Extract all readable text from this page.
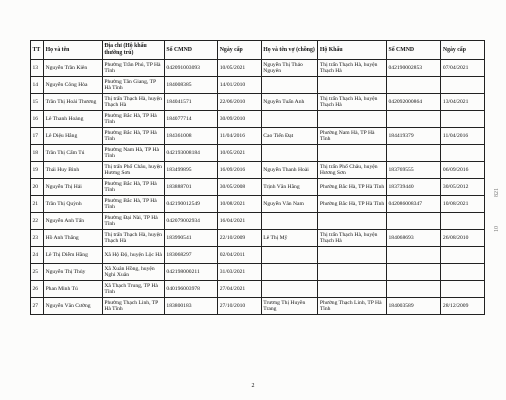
TT	Họ và tên	Địa chỉ (Hộ khẩu thường trú)	Số CMND	Ngày cấp	Họ và tên vợ (chồng)	Hộ Khẩu	Số CMND	Ngày cấp
13	Nguyễn Trần Kiên	Phường Trần Phú, TP Hà Tĩnh	042091003093	10/05/2021	Nguyễn Thị Thảo Nguyên	Thị trấn Thạch Hà, huyện Thạch Hà	042190002853	07/04/2021
14	Nguyễn Công Hòa	Phường Tân Giang, TP Hà Tĩnh	184008385	14/01/2010				
15	Trần Thị Hoài Thương	Thị trấn Thạch Hà, huyện Thạch Hà	184041571	22/06/2010	Nguyễn Tuấn Anh	Thị trấn Thạch Hà, huyện Thạch Hà	042092000864	13/04/2021
16	Lê Thanh Hoàng	Phường Bắc Hà, TP Hà Tĩnh	184077714	30/09/2010				
17	Lê Diệu Hằng	Phường Bắc Hà, TP Hà Tĩnh	184361008	11/04/2016	Cao Tiến Đạt	Phường Nam Hà, TP Hà Tĩnh	184419379	11/04/2016
18	Trần Thị Cẩm Tú	Phường Nam Hà, TP Hà Tĩnh	042193008184	10/05/2021				
19	Thái Huy Bình	Thị trấn Phố Châu, huyện Hương Sơn	183499895	16/09/2016	Nguyễn Thanh Hoài	Thị trấn Phố Châu, huyện Hương Sơn	183769555	06/09/2016
20	Nguyễn Thị Hải	Phường Bắc Hà, TP Hà Tĩnh	183888701	30/05/2008	Trịnh Văn Hằng	Phường Bắc Hà, TP Hà Tĩnh	183739440	30/05/2012
21	Trần Thị Quỳnh	Phường Bắc Hà, TP Hà Tĩnh	042190012549	10/08/2021	Nguyễn Văn Nam	Phường Bắc Hà, TP Hà Tĩnh	042086008347	10/08/2021
22	Nguyễn Anh Tấn	Phường Đại Nài, TP Hà Tĩnh	042079002934	16/04/2021				
23	Hồ Anh Thắng	Thị trấn Thạch Hà, huyện Thạch Hà	183990541	22/10/2009	Lê Thị Mỹ	Thị trấn Thạch Hà, huyện Thạch Hà	184068693	26/08/2010
24	Lê Thị Diễm Hằng	Xã Hộ Độ, huyện Lộc Hà	183068297	02/04/2011				
25	Nguyễn Thị Thủy	Xã Xuân Hồng, huyện Nghi Xuân	042198000211	31/03/2021				
26	Phan Minh Tú	Xã Thạch Trung, TP Hà Tĩnh	040196003978	27/04/2021				
27	Nguyễn Văn Cường	Phường Thạch Linh, TP Hà Tĩnh	183800183	27/10/2010	Trương Thị Huyền Trang	Phường Thạch Linh, TP Hà Tĩnh	184003589	28/12/2009
2
821
10
